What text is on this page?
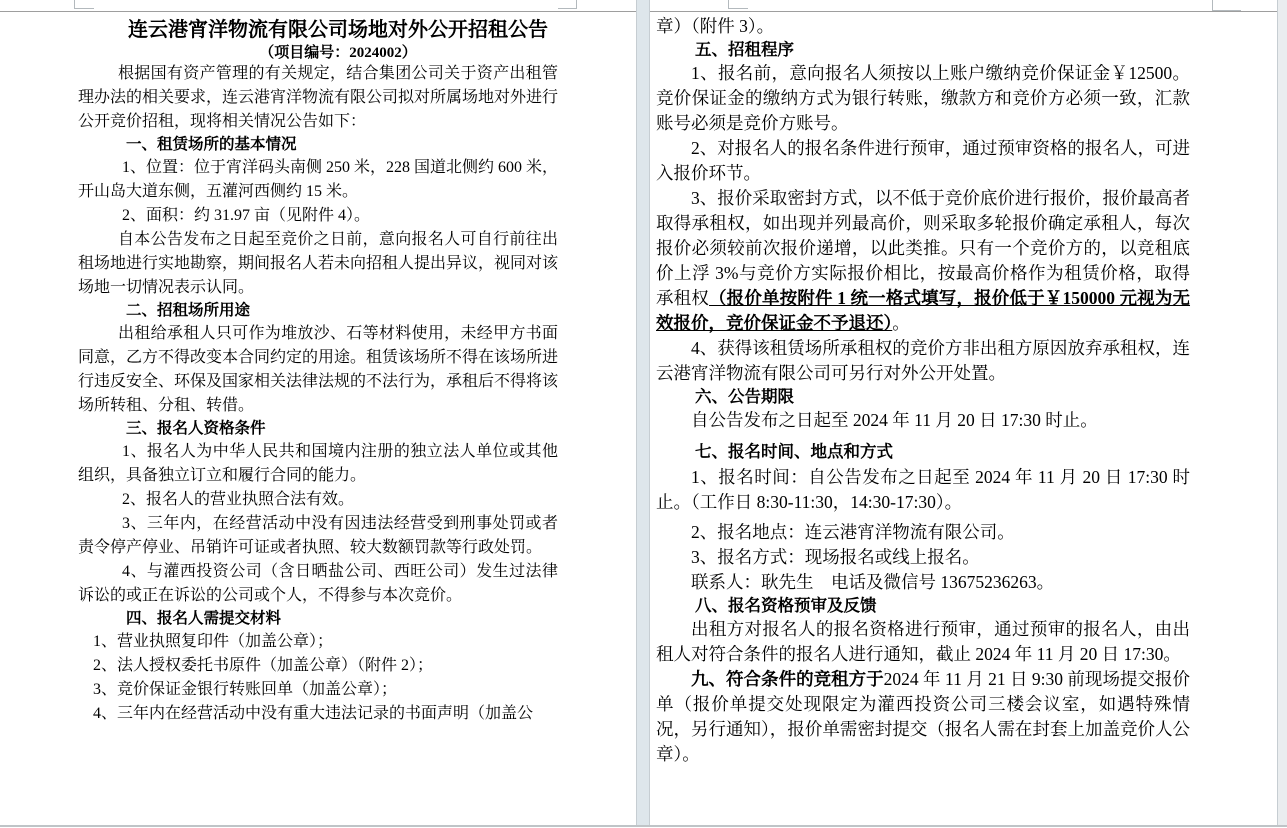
连云港宵洋物流有限公司场地对外公开招租公告

（项目编号：2024002）

根据国有资产管理的有关规定，结合集团公司关于资产出租管理办法的相关要求，连云港宵洋物流有限公司拟对所属场地对外进行公开竞价招租，现将相关情况公告如下：

一、租赁场所的基本情况

1、位置：位于宵洋码头南侧 250 米，228 国道北侧约 600 米，开山岛大道东侧，五灌河西侧约 15 米。

2、面积：约 31.97 亩（见附件 4）。

自本公告发布之日起至竞价之日前，意向报名人可自行前往出租场地进行实地勘察，期间报名人若未向招租人提出异议，视同对该场地一切情况表示认同。

二、招租场所用途

出租给承租人只可作为堆放沙、石等材料使用，未经甲方书面同意，乙方不得改变本合同约定的用途。租赁该场所不得在该场所进行违反安全、环保及国家相关法律法规的不法行为，承租后不得将该场所转租、分租、转借。

三、报名人资格条件

1、报名人为中华人民共和国境内注册的独立法人单位或其他组织，具备独立订立和履行合同的能力。

2、报名人的营业执照合法有效。

3、三年内，在经营活动中没有因违法经营受到刑事处罚或者责令停产停业、吊销许可证或者执照、较大数额罚款等行政处罚。

4、与灌西投资公司（含日晒盐公司、西旺公司）发生过法律诉讼的或正在诉讼的公司或个人，不得参与本次竞价。

四、报名人需提交材料

1、营业执照复印件（加盖公章）；

2、法人授权委托书原件（加盖公章）（附件 2）；

3、竞价保证金银行转账回单（加盖公章）；

4、三年内在经营活动中没有重大违法记录的书面声明（加盖公

章）（附件 3）。

五、招租程序

1、报名前，意向报名人须按以上账户缴纳竞价保证金￥12500。竞价保证金的缴纳方式为银行转账，缴款方和竞价方必须一致，汇款账号必须是竞价方账号。

2、对报名人的报名条件进行预审，通过预审资格的报名人，可进入报价环节。

3、报价采取密封方式，以不低于竞价底价进行报价，报价最高者取得承租权，如出现并列最高价，则采取多轮报价确定承租人，每次报价必须较前次报价递增，以此类推。只有一个竞价方的，以竞租底价上浮 3%与竞价方实际报价相比，按最高价格作为租赁价格，取得承租权（报价单按附件 1 统一格式填写，报价低于￥150000 元视为无效报价，竞价保证金不予退还）。

4、获得该租赁场所承租权的竞价方非出租方原因放弃承租权，连云港宵洋物流有限公司可另行对外公开处置。

六、公告期限

自公告发布之日起至 2024 年 11 月 20 日 17:30 时止。

七、报名时间、地点和方式

1、报名时间：自公告发布之日起至 2024 年 11 月 20 日 17:30 时止。（工作日 8:30-11:30，14:30-17:30）。

2、报名地点：连云港宵洋物流有限公司。

3、报名方式：现场报名或线上报名。

联系人：耿先生　电话及微信号 13675236263。

八、报名资格预审及反馈

出租方对报名人的报名资格进行预审，通过预审的报名人，由出租人对符合条件的报名人进行通知，截止 2024 年 11 月 20 日 17:30。

九、符合条件的竞租方于2024 年 11 月 21 日 9:30 前现场提交报价单（报价单提交处现限定为灌西投资公司三楼会议室，如遇特殊情况，另行通知），报价单需密封提交（报名人需在封套上加盖竞价人公章）。
